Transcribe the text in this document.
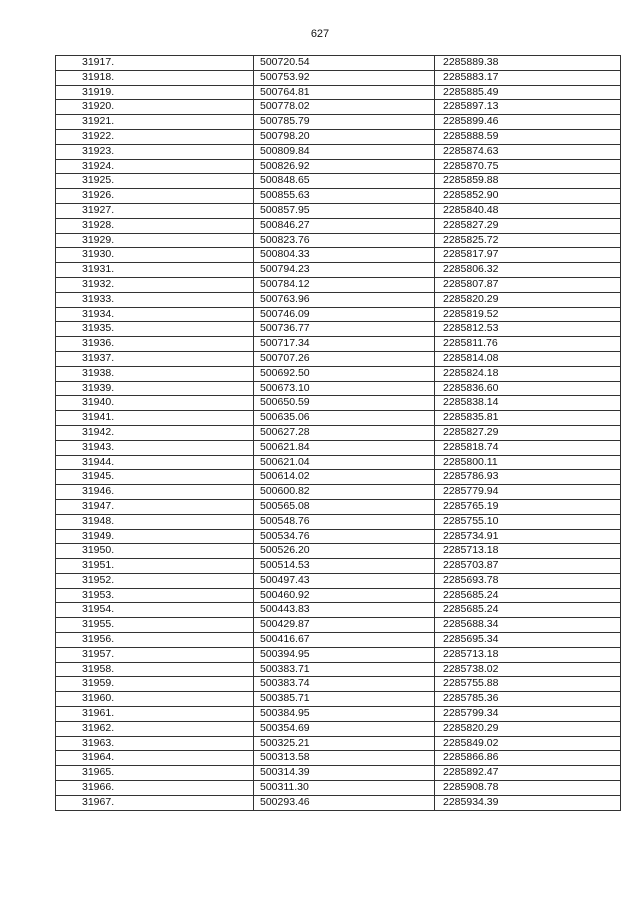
627
31917.	500720.54	2285889.38
31918.	500753.92	2285883.17
31919.	500764.81	2285885.49
31920.	500778.02	2285897.13
31921.	500785.79	2285899.46
31922.	500798.20	2285888.59
31923.	500809.84	2285874.63
31924.	500826.92	2285870.75
31925.	500848.65	2285859.88
31926.	500855.63	2285852.90
31927.	500857.95	2285840.48
31928.	500846.27	2285827.29
31929.	500823.76	2285825.72
31930.	500804.33	2285817.97
31931.	500794.23	2285806.32
31932.	500784.12	2285807.87
31933.	500763.96	2285820.29
31934.	500746.09	2285819.52
31935.	500736.77	2285812.53
31936.	500717.34	2285811.76
31937.	500707.26	2285814.08
31938.	500692.50	2285824.18
31939.	500673.10	2285836.60
31940.	500650.59	2285838.14
31941.	500635.06	2285835.81
31942.	500627.28	2285827.29
31943.	500621.84	2285818.74
31944.	500621.04	2285800.11
31945.	500614.02	2285786.93
31946.	500600.82	2285779.94
31947.	500565.08	2285765.19
31948.	500548.76	2285755.10
31949.	500534.76	2285734.91
31950.	500526.20	2285713.18
31951.	500514.53	2285703.87
31952.	500497.43	2285693.78
31953.	500460.92	2285685.24
31954.	500443.83	2285685.24
31955.	500429.87	2285688.34
31956.	500416.67	2285695.34
31957.	500394.95	2285713.18
31958.	500383.71	2285738.02
31959.	500383.74	2285755.88
31960.	500385.71	2285785.36
31961.	500384.95	2285799.34
31962.	500354.69	2285820.29
31963.	500325.21	2285849.02
31964.	500313.58	2285866.86
31965.	500314.39	2285892.47
31966.	500311.30	2285908.78
31967.	500293.46	2285934.39
